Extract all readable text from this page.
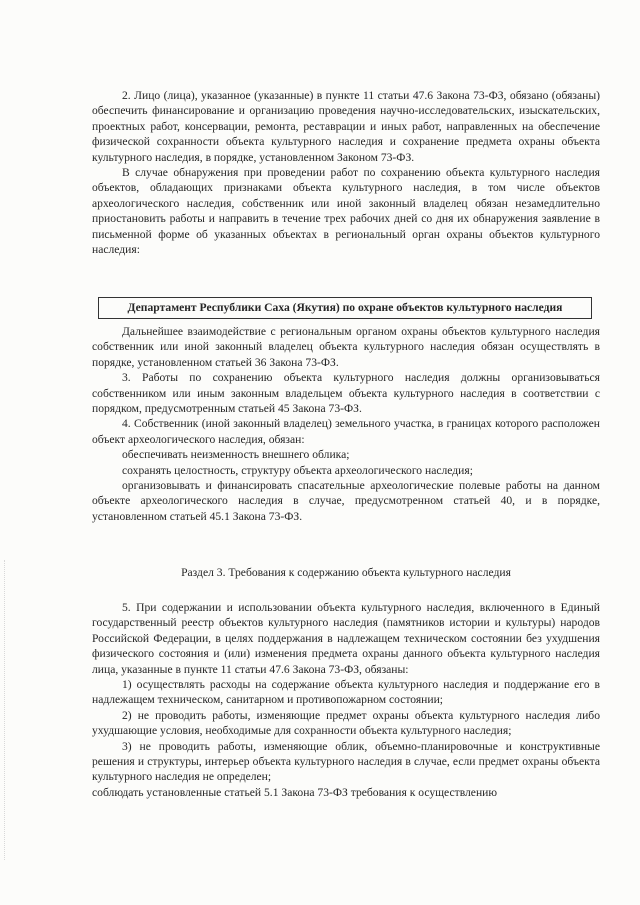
2. Лицо (лица), указанное (указанные) в пункте 11 статьи 47.6 Закона 73-ФЗ, обязано (обязаны) обеспечить финансирование и организацию проведения научно-исследовательских, изыскательских, проектных работ, консервации, ремонта, реставрации и иных работ, направленных на обеспечение физической сохранности объекта культурного наследия и сохранение предмета охраны объекта культурного наследия, в порядке, установленном Законом 73-ФЗ.

В случае обнаружения при проведении работ по сохранению объекта культурного наследия объектов, обладающих признаками объекта культурного наследия, в том числе объектов археологического наследия, собственник или иной законный владелец обязан незамедлительно приостановить работы и направить в течение трех рабочих дней со дня их обнаружения заявление в письменной форме об указанных объектах в региональный орган охраны объектов культурного наследия:

Департамент Республики Саха (Якутия) по охране объектов культурного наследия

Дальнейшее взаимодействие с региональным органом охраны объектов культурного наследия собственник или иной законный владелец объекта культурного наследия обязан осуществлять в порядке, установленном статьей 36 Закона 73-ФЗ.

3. Работы по сохранению объекта культурного наследия должны организовываться собственником или иным законным владельцем объекта культурного наследия в соответствии с порядком, предусмотренным статьей 45 Закона 73-ФЗ.

4. Собственник (иной законный владелец) земельного участка, в границах которого расположен объект археологического наследия, обязан:

обеспечивать неизменность внешнего облика;

сохранять целостность, структуру объекта археологического наследия;

организовывать и финансировать спасательные археологические полевые работы на данном объекте археологического наследия в случае, предусмотренном статьей 40, и в порядке, установленном статьей 45.1 Закона 73-ФЗ.

Раздел 3. Требования к содержанию объекта культурного наследия

5. При содержании и использовании объекта культурного наследия, включенного в Единый государственный реестр объектов культурного наследия (памятников истории и культуры) народов Российской Федерации, в целях поддержания в надлежащем техническом состоянии без ухудшения физического состояния и (или) изменения предмета охраны данного объекта культурного наследия лица, указанные в пункте 11 статьи 47.6 Закона 73-ФЗ, обязаны:

1) осуществлять расходы на содержание объекта культурного наследия и поддержание его в надлежащем техническом, санитарном и противопожарном состоянии;

2) не проводить работы, изменяющие предмет охраны объекта культурного наследия либо ухудшающие условия, необходимые для сохранности объекта культурного наследия;

3) не проводить работы, изменяющие облик, объемно-планировочные и конструктивные решения и структуры, интерьер объекта культурного наследия в случае, если предмет охраны объекта культурного наследия не определен;

соблюдать установленные статьей 5.1 Закона 73-ФЗ требования к осуществлению
